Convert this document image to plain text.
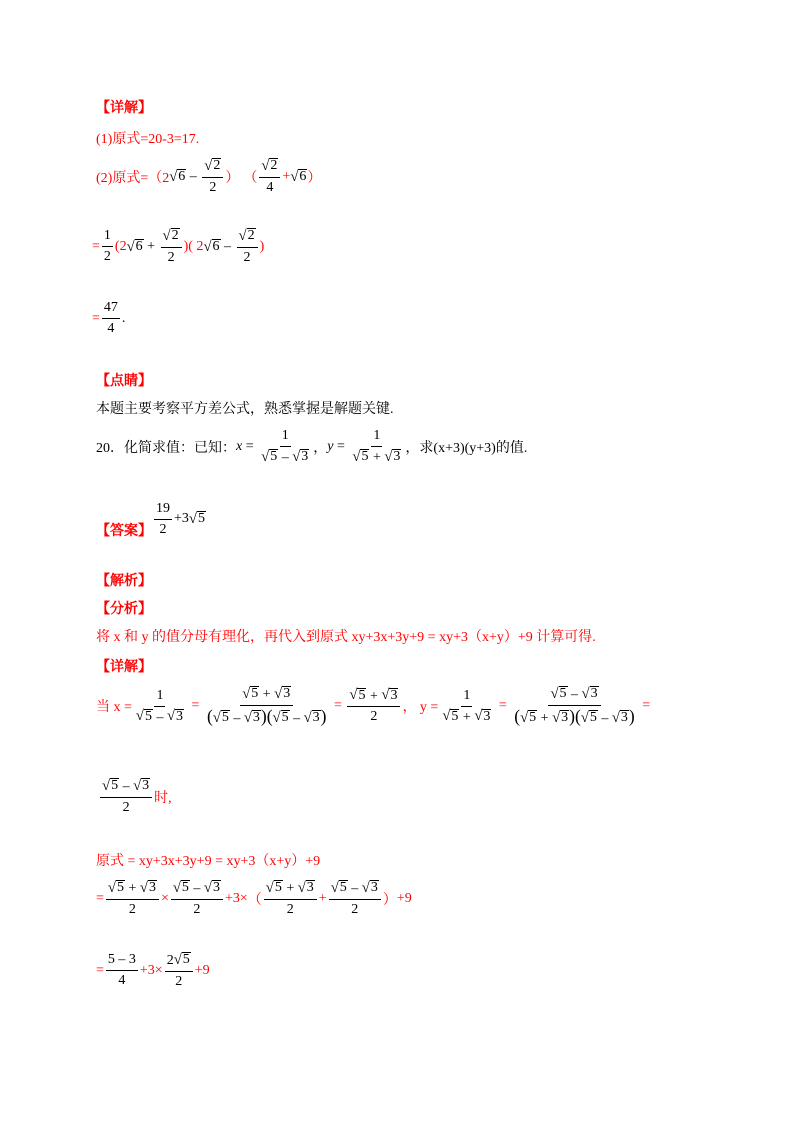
【详解】
(1)原式=20-3=17.
(2)原式= （2 √ $6 - \frac{√ 2}{2}$ ） （ $\frac{√ 2}{4}$ + √ 6 ）
= $\frac{1}{2} (2$ √ $6 + \frac{√ 2}{2}$ )( 2 √ $6 - \frac{√ 2}{2}$ )
= $\frac{47}{4}$ .
【点睛】
本题主要考察平方差公式，熟悉掌握是解题关键.
20．化简求值：已知： $x = \frac{1}{√ 5 - √ 3}$ ， $y = \frac{1}{√ 5 + √ 3}$ ，求(x+3)(y+3)的值.
【答案】 $\frac{19}{2} +3$ √ 5
【解析】
【分析】
将 x 和 y 的值分母有理化，再代入到原式 xy+3x+3y+9 = xy+3（x+y）+9 计算可得.
【详解】
当 $x = \frac{1}{√ 5 - √ 3} = \frac{√ 5 + √ 3}{( √ 5 - √ 3 )( √ 5 - √ 3 )} = \frac{√ 5 + √ 3}{2}$ ， $y = \frac{1}{√ 5 + √ 3} = \frac{√ 5 - √ 3}{( √ 5 + √ 3 )( √ 5 - √ 3 )}$ =
$\frac{√ 5 - √ 3}{2}$ 时,
原式 = xy+3x+3y+9 = xy+3（x+y）+9
= $\frac{√ 5 + √ 3}{2} \times \frac{√ 5 - √ 3}{2} +3\times$ （ $\frac{√ 5 + √ 3}{2} + \frac{√ 5 - √ 3}{2}$ ） +9
= $\frac{5 - 3}{4} +3\times \frac{2 √ 5}{2} +9$
